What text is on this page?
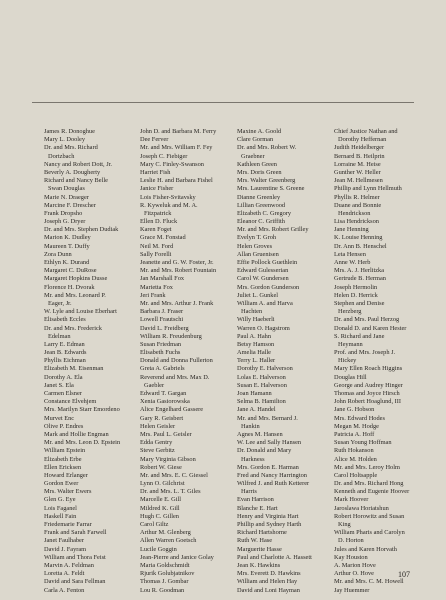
James R. Donoghue
Mary L. Dooley
Dr. and Mrs. Richard
Dortzbach
Nancy and Robert Dott, Jr.
Beverly A. Dougherty
Richard and Nancy Belle
Swan Douglas
Marie N. Draeger
Marcine F. Drescher
Frank Dropsho
Joseph G. Dryer
Dr. and Mrs. Stephen Dudiak
Marion K. Dudley
Maureen T. Duffy
Zora Dunn
Ethlyn K. Durand
Margaret C. DuRose
Margaret Hopkins Dusse
Florence H. Dvorak
Mr. and Mrs. Leonard P.
Eager, Jr.
W. Lyle and Louise Eberhart
Elisabeth Eccles
Dr. and Mrs. Frederick
Edelman
Larry E. Edman
Jean B. Edwards
Phyllis Eichman
Elizabeth M. Eisenman
Dorothy A. Ela
Janet S. Ela
Carmen Elsner
Constance Elvehjem
Mrs. Marilyn Starr Emordeno
Murvet Enc
Olive P. Endres
Mark and Hollie Engman
Mr. and Mrs. Leon D. Epstein
William Epstein
Elizabeth Erbe
Ellen Ericksen
Howard Erlanger
Gordon Ewer
Mrs. Walter Ewers
Glen G. Eye
Lois Faganel
Haskell Fain
Friedemarie Farrar
Frank and Sarah Farwell
Janet Faulhaber
David J. Fayram
William and Thora Feist
Marvin A. Feldman
Loretta A. Feldt
David and Sara Fellman
Carla A. Fenton
John D. and Barbara M. Ferry
Dee Ferver
Mr. and Mrs. William F. Fey
Joseph C. Fiebiger
Mary C. Finley-Swanson
Harriet Fish
Leslie H. and Barbara Fishel
Janice Fisher
Lois Fisher-Svitavsky
R. Kyweluk and M. A.
Fitzpatrick
Ellen D. Fluck
Karen Foget
Grace M. Fonstad
Neil M. Ford
Sally Forelli
Jeanette and G. W. Foster, Jr.
Mr. and Mrs. Robert Fountain
Jan Marshall Fox
Marietta Fox
Jeri Frank
Mr. and Mrs. Arthur J. Frank
Barbara J. Fraser
Lowell Frautschi
David L. Freidberg
William R. Freudenburg
Susan Friedman
Elisabeth Fuchs
Donald and Donna Fullerton
Greta A. Gabriels
Reverend and Mrs. Max D.
Gaebler
Edward T. Gargan
Xenia Gasiorowska
Alice Engelhard Gassere
Gary R. Geisbert
Helen Geisler
Mrs. Paul L. Geisler
Edda Gentry
Steve Gerbitz
Mary Virginia Gibson
Robert W. Giese
Mr. and Mrs. E. C. Giessel
Lynn O. Gilchrist
Dr. and Mrs. L. T. Giles
Marcelle E. Gill
Mildred K. Gill
Hugh C. Gillen
Carol Giltz
Arthur M. Glenberg
Allen Warren Goetsch
Lucile Goggin
Jean-Pierre and Janice Golay
Maria Goldschmidt
Rjurik Golubjatnikov
Thomas J. Gombar
Lou R. Goodman
Maxine A. Goold
Clare Gorman
Dr. and Mrs. Robert W.
Graebner
Kathleen Green
Mrs. Doris Green
Mrs. Walter Greenberg
Mrs. Laurentine S. Greene
Dianne Greenley
Lillian Greenwood
Elizabeth C. Gregory
Eleanor C. Griffith
Mr. and Mrs. Robert Grilley
Evelyn T. Groh
Helen Groves
Allan Gruenisen
Effie Pollock Guethlein
Edward Gulesserian
Carol W. Gundersen
Mrs. Gordon Gunderson
Juliet L. Gunkel
William A. and Harva
Hachten
Willy Haeberli
Warren O. Hagstrom
Paul A. Hahn
Betsy Hamson
Amelia Halle
Terry L. Haller
Dorothy E. Halverson
Lolas E. Halverson
Susan E. Halverson
Joan Hamann
Selma B. Hamilton
Jane A. Handel
Mr. and Mrs. Bernard J.
Hankin
Agnes M. Hansen
W. Lee and Sally Hansen
Dr. Donald and Mary
Harkness
Mrs. Gordon E. Harman
Fred and Nancy Harrington
Wilfred J. and Ruth Ketterer
Harris
Evan Harrison
Blanche E. Hart
Henry and Virginia Hart
Phillip and Sydney Harth
Richard Hartshorne
Ruth W. Hase
Marguerite Hasse
Paul and Charlotte A. Hassett
Jean K. Hawkins
Mrs. Everett D. Hawkins
William and Helen Hay
David and Loni Hayman
Chief Justice Nathan and
Dorothy Heffernan
Judith Heidelberger
Bernard B. Heilprin
Lorraine M. Heise
Gunther W. Heller
Jean M. Hellmesen
Phillip and Lynn Hellmuth
Phyllis R. Helmer
Duane and Bonnie
Hendrickson
Lisa Hendrickson
Jane Henning
K. Louise Henning
Dr. Ann B. Henschel
Leta Hensen
Anne W. Herb
Mrs. A. J. Herlitzka
Gertrude B. Herman
Joseph Hermolin
Helen D. Herrick
Stephen and Denise
Herzberg
Dr. and Mrs. Paul Herzog
Donald D. and Karen Hester
S. Richard and Jane
Heymann
Prof. and Mrs. Joseph J.
Hickey
Mary Ellen Roach Higgins
Douglas Hill
George and Audrey Hinger
Thomas and Joyce Hirsch
John Robert Hoaglund, III
Jane G. Hobson
Mrs. Edward Hodes
Megan M. Hodge
Patricia A. Hoff
Susan Young Hoffman
Ruth Hokanson
Alice M. Holden
Mr. and Mrs. Leroy Holm
Carol Holtsapple
Dr. and Mrs. Richard Hong
Kenneth and Eugenie Hoover
Mark Hoover
Jaroslawa Horiatshun
Robert Horowitz and Susan
King
William Pharis and Carolyn
D. Horton
Jules and Karen Horvath
Kay Houston
A. Marion Hove
Arthur O. Hove
Mr. and Mrs. C. M. Howell
Jay Huemmer
107
